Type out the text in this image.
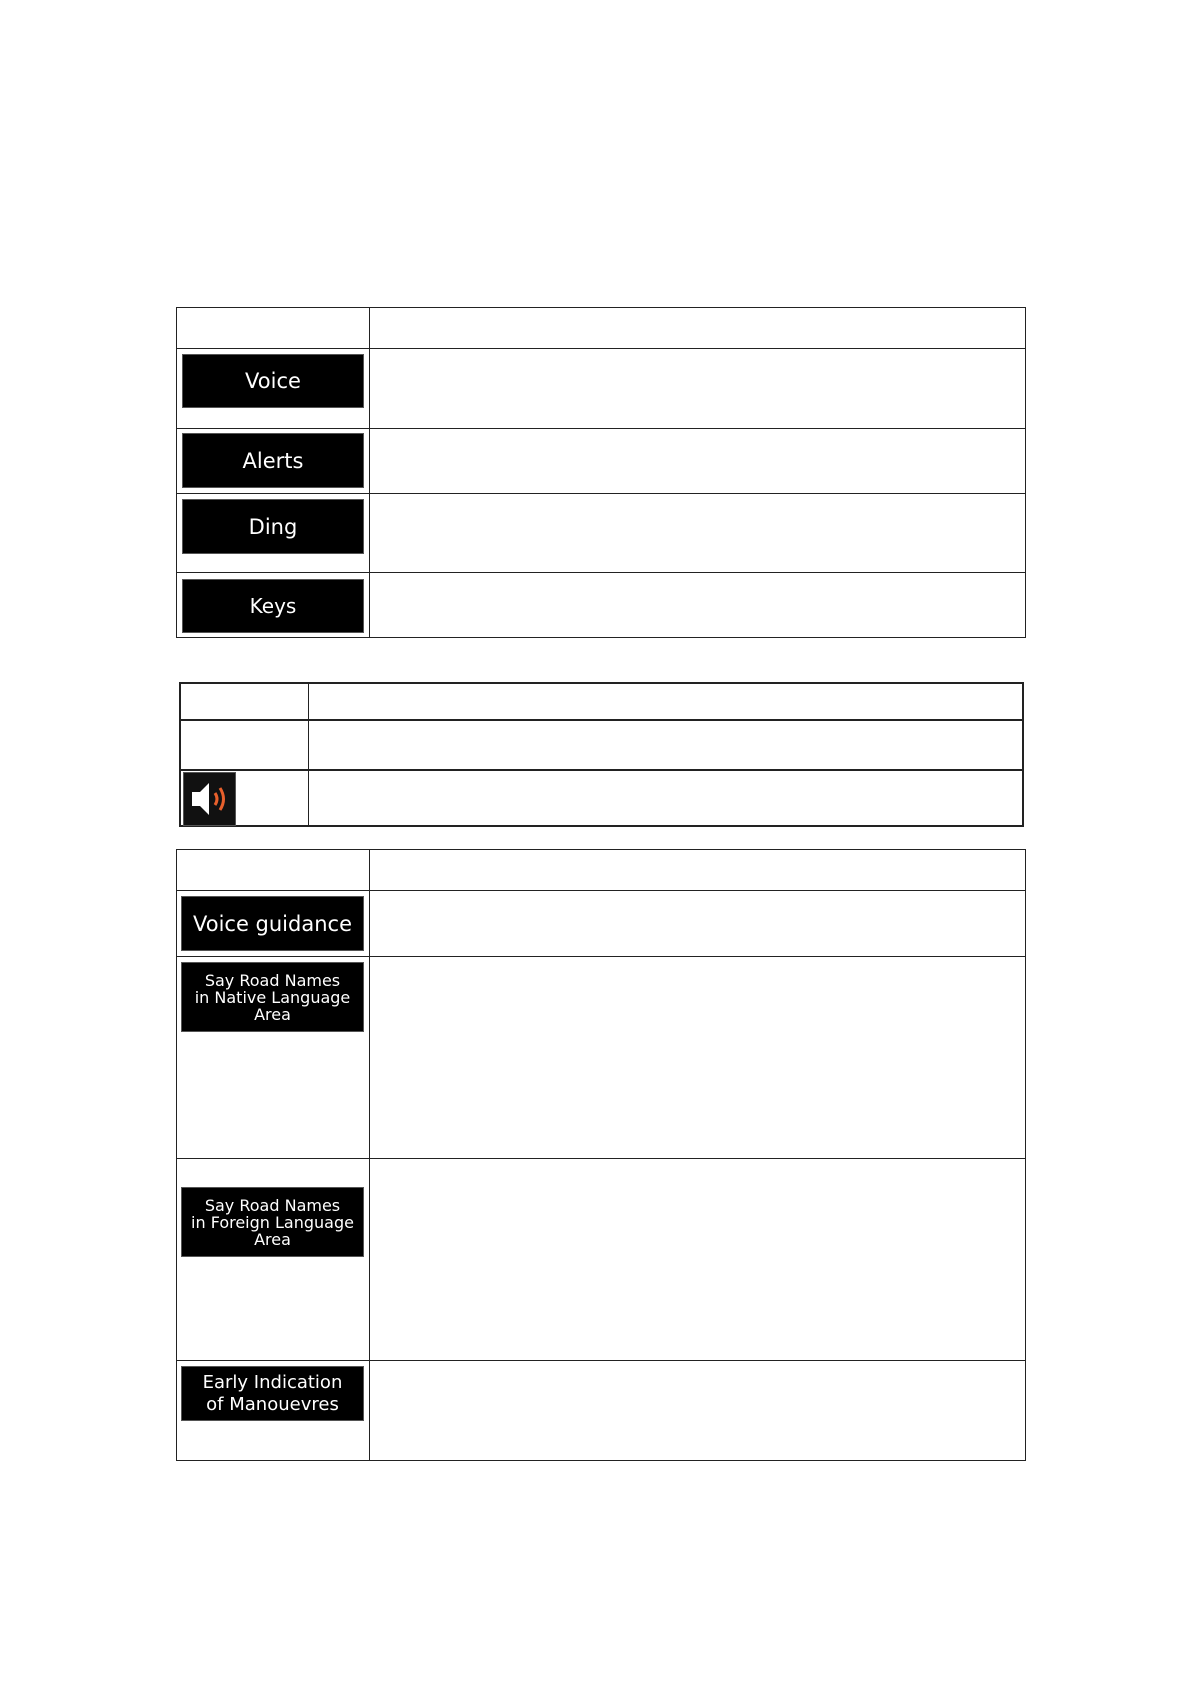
Voice
Alerts
Ding
Keys
Voice guidance
Say Road Names
in Native Language
Area
Say Road Names
in Foreign Language
Area
Early Indication
of Manouevres
